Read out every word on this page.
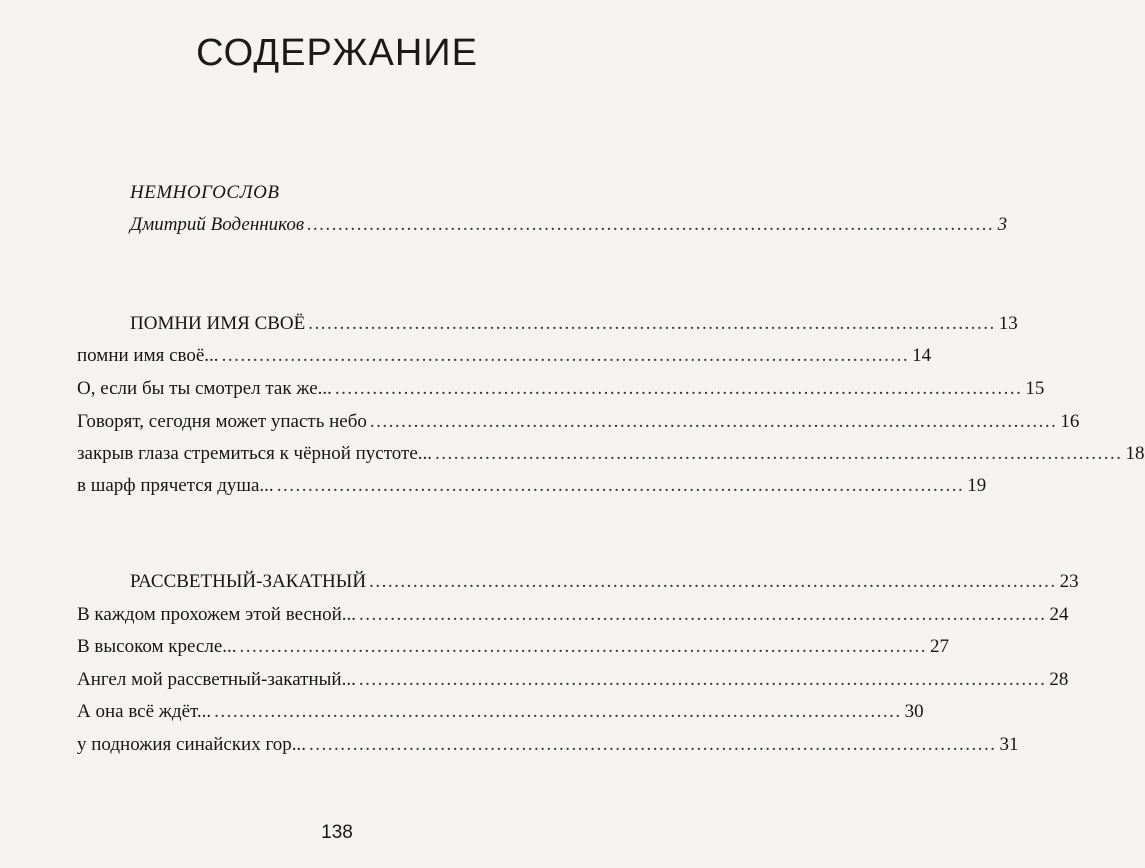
СОДЕРЖАНИЕ
НЕМНОГОСЛОВ
Дмитрий Воденников .............................................................................................................. 3
ПОМНИ ИМЯ СВОЁ .............................................................................................................. 13
помни имя своё... .............................................................................................................. 14
О, если бы ты смотрел так же... .............................................................................................................. 15
Говорят, сегодня может упасть небо .............................................................................................................. 16
закрыв глаза стремиться к чёрной пустоте... .............................................................................................................. 18
в шарф прячется душа... .............................................................................................................. 19
РАССВЕТНЫЙ-ЗАКАТНЫЙ .............................................................................................................. 23
В каждом прохожем этой весной... .............................................................................................................. 24
В высоком кресле... .............................................................................................................. 27
Ангел мой рассветный-закатный... .............................................................................................................. 28
А она всё ждёт... .............................................................................................................. 30
у подножия синайских гор... .............................................................................................................. 31
138
